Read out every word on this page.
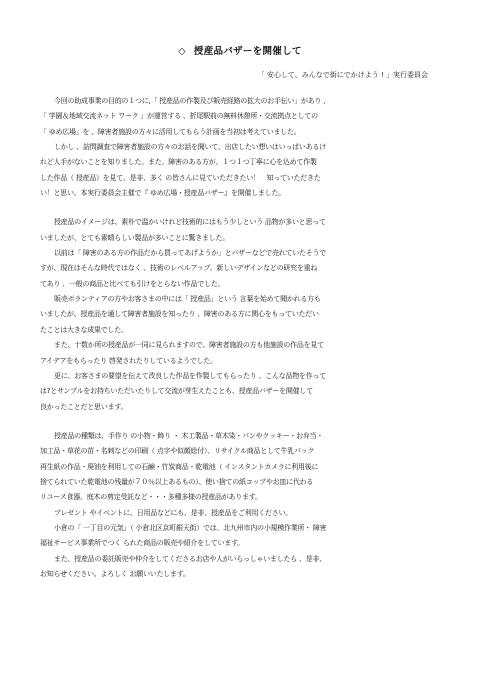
◇ 授産品バザーを開催して
「 安心して、みんなで街にでかけよう ! 」実行委員会
今回の助成事業の目的の１つに,「 授産品の作製及び販売経路の拡大のお手伝い」があり 、
「 学園＆地域交流ネット ワーク 」が運営する 、折尾駅前の無料休憩所・交流拠点としての
「 ゆめ広場」を 、障害者施設の方々に活用してもらう計画を当初は考えていました。
しかし 、訪問調査で障害者施設の方々のお話を聞いて、出店したい想いはいっぱいあるけ
れど人手がないことを知りました。また、障害のある方が、１つ１つ丁寧に心を込めて作製
した作品（ 授産品）を見て、是非、多く の皆さんに見ていただきたい！　知っていただきた
い！と思い、本実行委員会主催で『 ゆめ広場・授産品バザー』を開催しました。
授産品のイメージは、素朴で温かいけれど技術的にはもう少しという 品物が多いと思って
いましたが、とても素晴らしい製品が多いことに驚きました。
以前は「 障害のある方の作品だから買ってあげようか」とバザーなどで売れていたそうで
すが、現在はそんな時代ではなく 、技術のレベルアップ、新しいデザインなどの研究を重ね
てあり 、一般の商品と比べても引けをとらない作品でした。
販売ボランティアの方やお客さまの中には「 授産品」という 言葉を始めて聞かれる方も
いましたが、授産品を通して障害者施設を知ったり 、障害のある方に関心をもっていただい
たことは大きな成果でした。
また、十数か所の授産品が一同に見られますので、障害者施設の方も他施設の作品を見て
アイデアをもらったり 啓発されたりしているようでした。
更に、お客さまの要望を伝えて改良した作品を作製してもらったり 、こんな品物を作って
は?とサンプルをお持ちいただいたりして交流が芽生えたことも、授産品バザーを開催して
良かったことだと思います。
授産品の種類は、手作り の小物・飾り ・ 木工製品・草木染・パンやクッキー・お弁当・
加工品・草花の苗・名刺などの印刷（ 点字や似顔絵付）、リサイクル商品として牛乳パック
再生紙の作品・廃油を利用しての石鹸・竹炭商品・乾電池（ インスタントカメラに利用後に
捨てられていた乾電池の残量が７０％以上あるもの）、使い捨ての紙コップやお皿に代わる
リユース食器、庭木の剪定受託など・・・多種多様の授産品があります。
プレゼント やイベントに、日用品などにも、是非、授産品をご利用ください。
小倉の「 一丁目の元気」（ 小倉北区京町銀天街）では、北九州市内の小規模作業所・ 障害
福祉サービス事業所でつく られた商品の販売や紹介をしています。
また、授産品の委託販売や仲介をしてくださるお店や人がいらっしゃいましたら 、是非、
お知らせください。よろしく お願いいたします。
